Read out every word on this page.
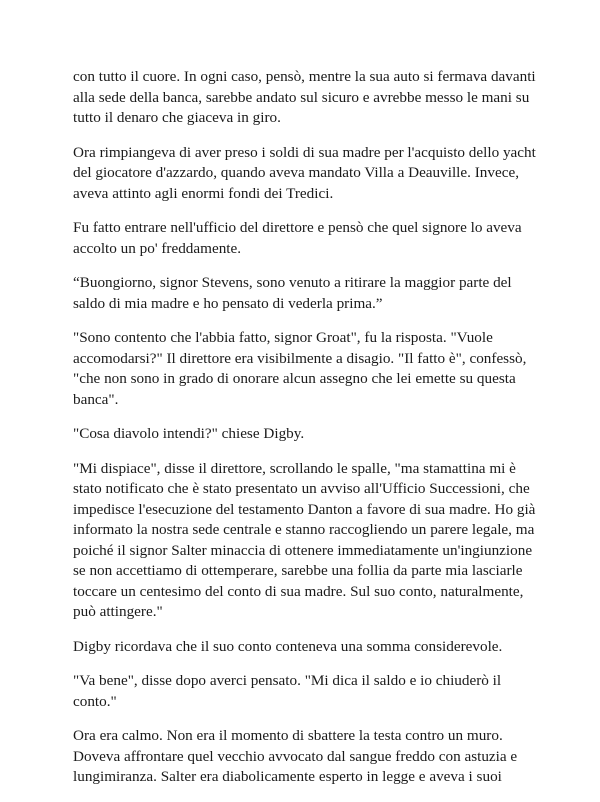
con tutto il cuore. In ogni caso, pensò, mentre la sua auto si fermava davanti
alla sede della banca, sarebbe andato sul sicuro e avrebbe messo le mani su
tutto il denaro che giaceva in giro.

Ora rimpiangeva di aver preso i soldi di sua madre per l'acquisto dello yacht
del giocatore d'azzardo, quando aveva mandato Villa a Deauville. Invece,
aveva attinto agli enormi fondi dei Tredici.

Fu fatto entrare nell'ufficio del direttore e pensò che quel signore lo aveva
accolto un po' freddamente.

“Buongiorno, signor Stevens, sono venuto a ritirare la maggior parte del
saldo di mia madre e ho pensato di vederla prima.”

"Sono contento che l'abbia fatto, signor Groat", fu la risposta. "Vuole
accomodarsi?" Il direttore era visibilmente a disagio. "Il fatto è", confessò,
"che non sono in grado di onorare alcun assegno che lei emette su questa
banca".

"Cosa diavolo intendi?" chiese Digby.

"Mi dispiace", disse il direttore, scrollando le spalle, "ma stamattina mi è
stato notificato che è stato presentato un avviso all'Ufficio Successioni, che
impedisce l'esecuzione del testamento Danton a favore di sua madre. Ho già
informato la nostra sede centrale e stanno raccogliendo un parere legale, ma
poiché il signor Salter minaccia di ottenere immediatamente un'ingiunzione
se non accettiamo di ottemperare, sarebbe una follia da parte mia lasciarle
toccare un centesimo del conto di sua madre. Sul suo conto, naturalmente,
può attingere."

Digby ricordava che il suo conto conteneva una somma considerevole.

"Va bene", disse dopo averci pensato. "Mi dica il saldo e io chiuderò il
conto."

Ora era calmo. Non era il momento di sbattere la testa contro un muro.
Doveva affrontare quel vecchio avvocato dal sangue freddo con astuzia e
lungimiranza. Salter era diabolicamente esperto in legge e aveva i suoi
